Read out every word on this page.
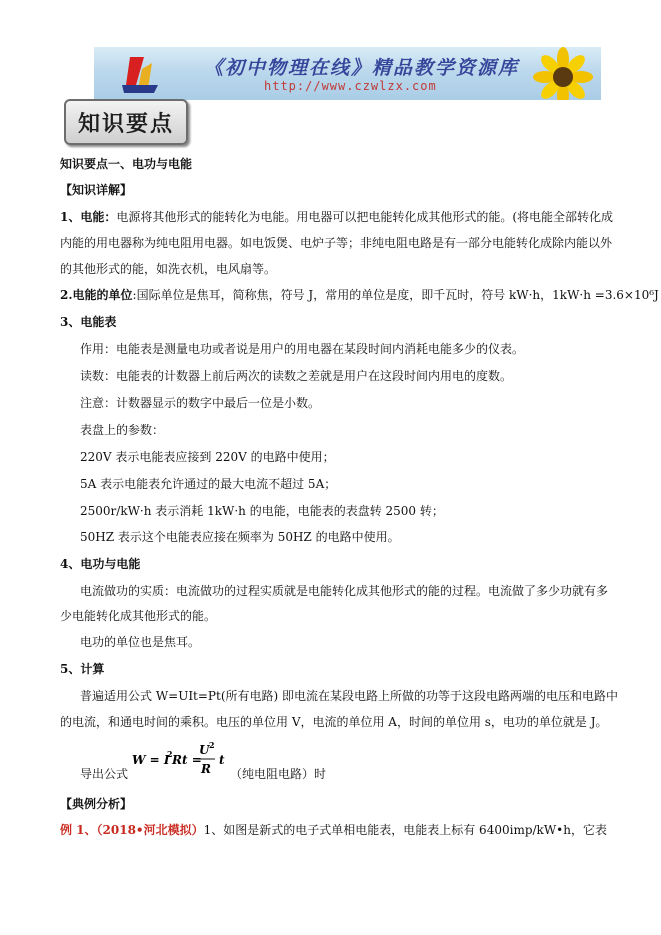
《初中物理在线》精品教学资源库
http://www.czwlzx.com
知识要点
知识要点一、电功与电能
【知识详解】
1、电能：电源将其他形式的能转化为电能。用电器可以把电能转化成其他形式的能。(将电能全部转化成
内能的用电器称为纯电阻用电器。如电饭煲、电炉子等；非纯电阻电路是有一部分电能转化成除内能以外
的其他形式的能，如洗衣机，电风扇等。
2.电能的单位:国际单位是焦耳，简称焦，符号 J，常用的单位是度，即千瓦时，符号 kW·h，1kW·h =3.6×10⁶J
3、电能表
作用：电能表是测量电功或者说是用户的用电器在某段时间内消耗电能多少的仪表。
读数：电能表的计数器上前后两次的读数之差就是用户在这段时间内用电的度数。
注意：计数器显示的数字中最后一位是小数。
表盘上的参数：
220V 表示电能表应接到 220V 的电路中使用；
5A 表示电能表允许通过的最大电流不超过 5A；
2500r/kW·h 表示消耗 1kW·h 的电能，电能表的表盘转 2500 转；
50HZ 表示这个电能表应接在频率为 50HZ 的电路中使用。
4、电功与电能
电流做功的实质：电流做功的过程实质就是电能转化成其他形式的能的过程。电流做了多少功就有多
少电能转化成其他形式的能。
电功的单位也是焦耳。
5、计算
普遍适用公式 W=UIt=Pt(所有电路) 即电流在某段电路上所做的功等于这段电路两端的电压和电路中
的电流，和通电时间的乘积。电压的单位用 V，电流的单位用 A，时间的单位用 s，电功的单位就是 J。
导出公式
W = I
2 Rt =
U 2
R
t
（纯电阻电路）时
【典例分析】
例 1、（2018•河北模拟）1、如图是新式的电子式单相电能表，电能表上标有 6400imp/kW•h，它表
